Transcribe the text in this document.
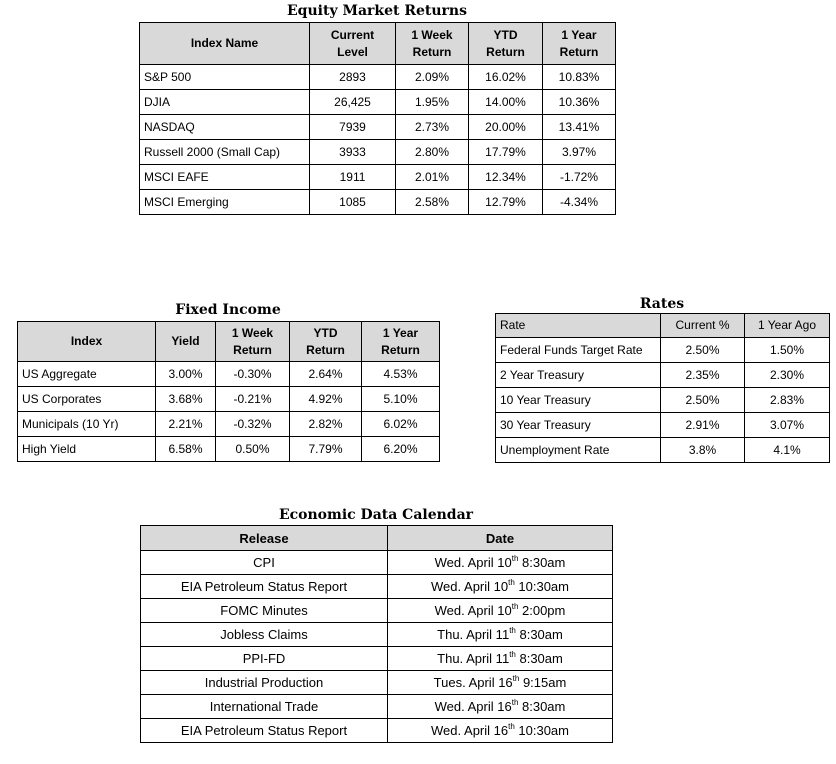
Equity Market Returns
Index Name	Current Level	1 Week Return	YTD Return	1 Year Return
S&P 500	2893	2.09%	16.02%	10.83%
DJIA	26,425	1.95%	14.00%	10.36%
NASDAQ	7939	2.73%	20.00%	13.41%
Russell 2000 (Small Cap)	3933	2.80%	17.79%	3.97%
MSCI EAFE	1911	2.01%	12.34%	-1.72%
MSCI Emerging	1085	2.58%	12.79%	-4.34%
Fixed Income
Index	Yield	1 Week Return	YTD Return	1 Year Return
US Aggregate	3.00%	-0.30%	2.64%	4.53%
US Corporates	3.68%	-0.21%	4.92%	5.10%
Municipals (10 Yr)	2.21%	-0.32%	2.82%	6.02%
High Yield	6.58%	0.50%	7.79%	6.20%
Rates
Rate	Current %	1 Year Ago
Federal Funds Target Rate	2.50%	1.50%
2 Year Treasury	2.35%	2.30%
10 Year Treasury	2.50%	2.83%
30 Year Treasury	2.91%	3.07%
Unemployment Rate	3.8%	4.1%
Economic Data Calendar
Release	Date
CPI	Wed. April 10th 8:30am
EIA Petroleum Status Report	Wed. April 10th 10:30am
FOMC Minutes	Wed. April 10th 2:00pm
Jobless Claims	Thu. April 11th 8:30am
PPI-FD	Thu. April 11th 8:30am
Industrial Production	Tues. April 16th 9:15am
International Trade	Wed. April 16th 8:30am
EIA Petroleum Status Report	Wed. April 16th 10:30am
